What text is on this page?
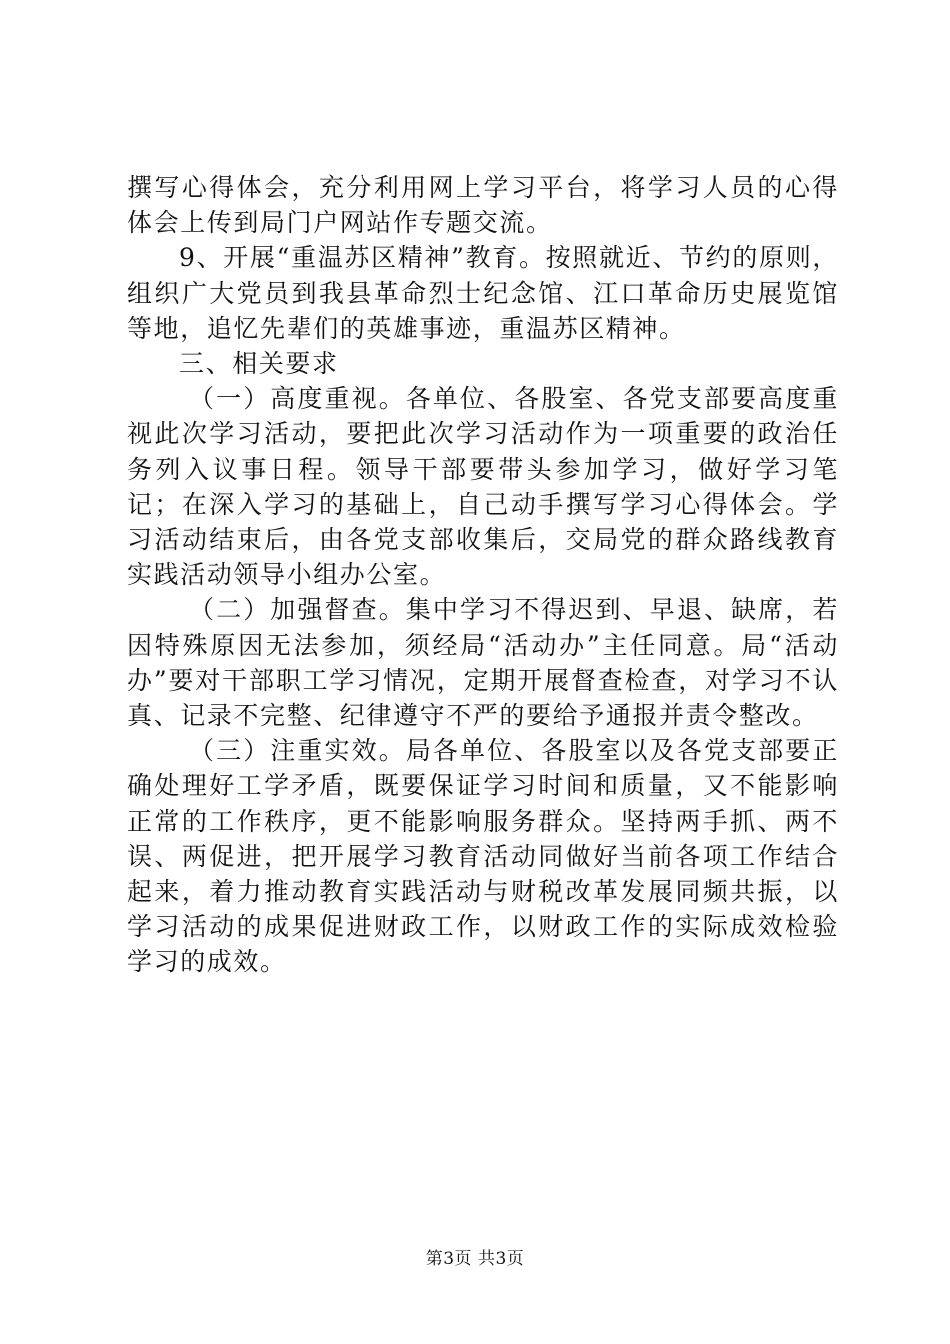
撰写心得体会，充分利用网上学习平台，将学习人员的心得体会上传到局门户网站作专题交流。

9、开展“重温苏区精神”教育。按照就近、节约的原则，组织广大党员到我县革命烈士纪念馆、江口革命历史展览馆等地，追忆先辈们的英雄事迹，重温苏区精神。

三、相关要求

（一）高度重视。各单位、各股室、各党支部要高度重视此次学习活动，要把此次学习活动作为一项重要的政治任务列入议事日程。领导干部要带头参加学习，做好学习笔记；在深入学习的基础上，自己动手撰写学习心得体会。学习活动结束后，由各党支部收集后，交局党的群众路线教育实践活动领导小组办公室。

（二）加强督查。集中学习不得迟到、早退、缺席，若因特殊原因无法参加，须经局“活动办”主任同意。局“活动办”要对干部职工学习情况，定期开展督查检查，对学习不认真、记录不完整、纪律遵守不严的要给予通报并责令整改。

（三）注重实效。局各单位、各股室以及各党支部要正确处理好工学矛盾，既要保证学习时间和质量，又不能影响正常的工作秩序，更不能影响服务群众。坚持两手抓、两不误、两促进，把开展学习教育活动同做好当前各项工作结合起来，着力推动教育实践活动与财税改革发展同频共振，以学习活动的成果促进财政工作，以财政工作的实际成效检验学习的成效。

第3页 共3页
